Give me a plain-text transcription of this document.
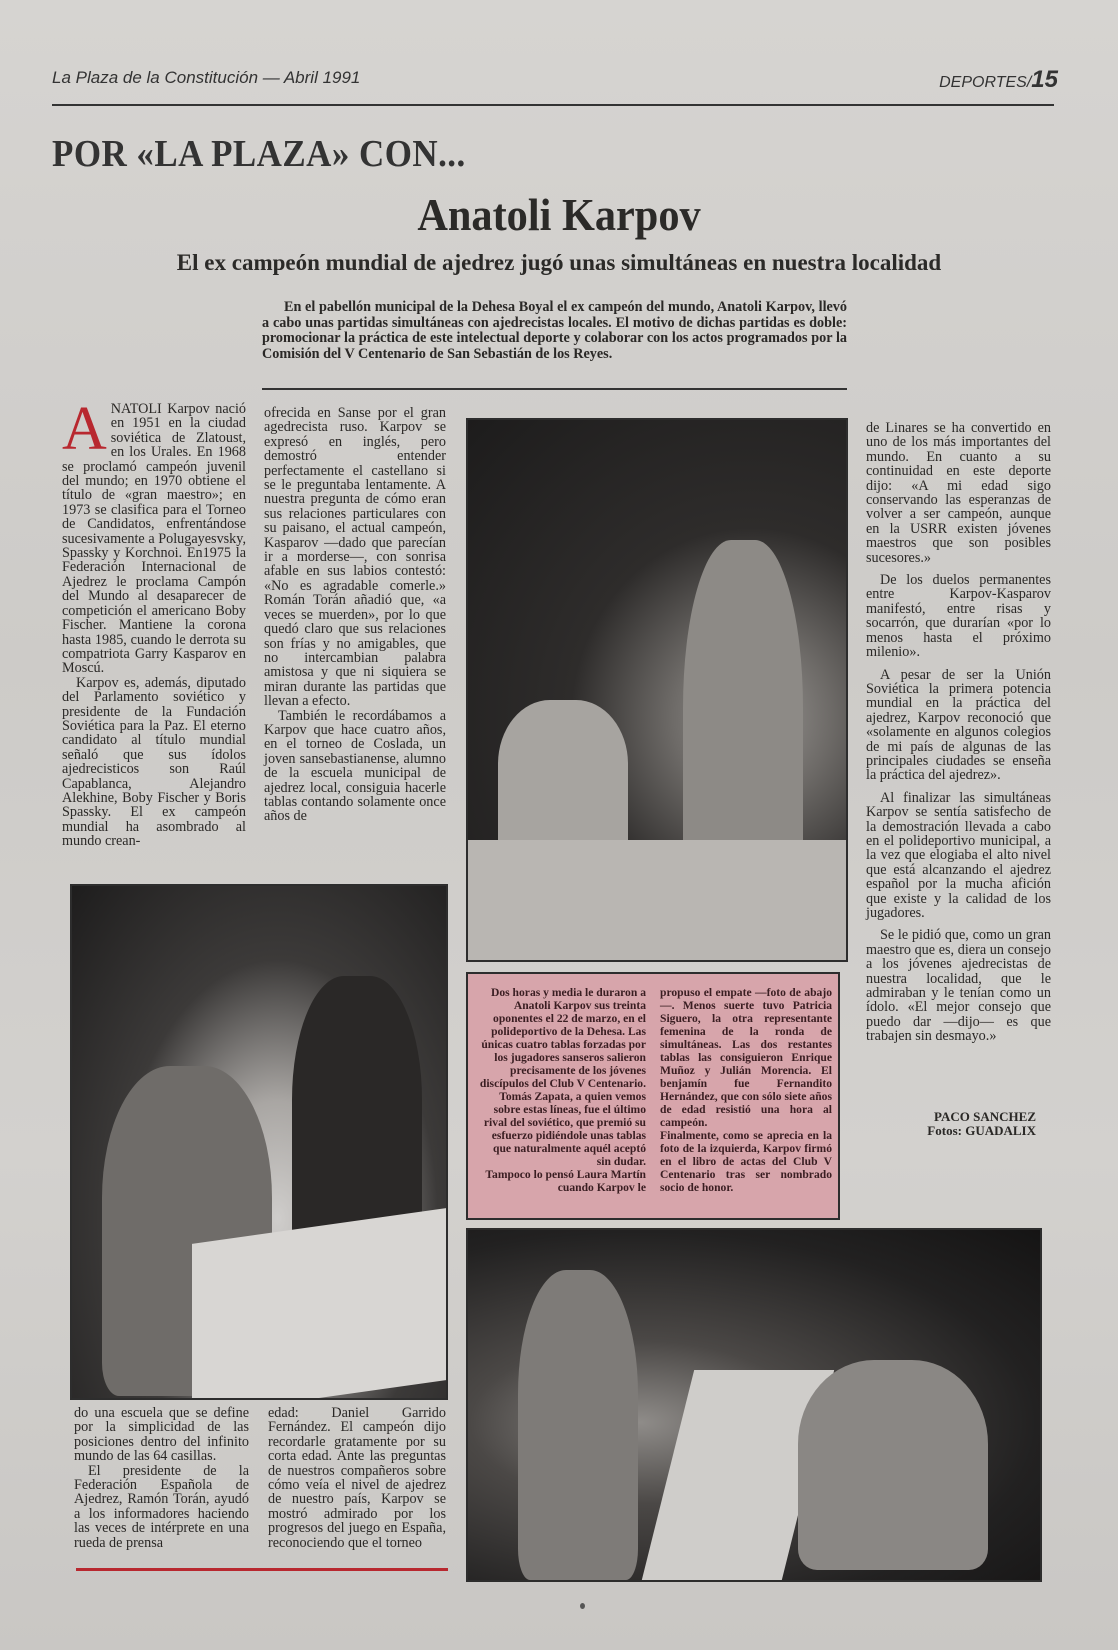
La Plaza de la Constitución — Abril 1991	DEPORTES/15
POR «LA PLAZA» CON...
Anatoli Karpov
El ex campeón mundial de ajedrez jugó unas simultáneas en nuestra localidad
En el pabellón municipal de la Dehesa Boyal el ex campeón del mundo, Anatoli Karpov, llevó a cabo unas partidas simultáneas con ajedrecistas locales. El motivo de dichas partidas es doble: promocionar la práctica de este intelectual deporte y colaborar con los actos programados por la Comisión del V Centenario de San Sebastián de los Reyes.

ANATOLI Karpov nació en 1951 en la ciudad soviética de Zlatoust, en los Urales. En 1968 se proclamó campeón juvenil del mundo; en 1970 obtiene el título de «gran maestro»; en 1973 se clasifica para el Torneo de Candidatos, enfrentándose sucesivamente a Polugayesvsky, Spassky y Korchnoi. En1975 la Federación Internacional de Ajedrez le proclama Campón del Mundo al desaparecer de competición el americano Boby Fischer. Mantiene la corona hasta 1985, cuando le derrota su compatriota Garry Kasparov en Moscú.

Karpov es, además, diputado del Parlamento soviético y presidente de la Fundación Soviética para la Paz. El eterno candidato al título mundial señaló que sus ídolos ajedrecisticos son Raúl Capablanca, Alejandro Alekhine, Boby Fischer y Boris Spassky. El ex campeón mundial ha asombrado al mundo crean-

ofrecida en Sanse por el gran agedrecista ruso. Karpov se expresó en inglés, pero demostró entender perfectamente el castellano si se le preguntaba lentamente. A nuestra pregunta de cómo eran sus relaciones particulares con su paisano, el actual campeón, Kasparov —dado que parecían ir a morderse—, con sonrisa afable en sus labios contestó: «No es agradable comerle.» Román Torán añadió que, «a veces se muerden», por lo que quedó claro que sus relaciones son frías y no amigables, que no intercambian palabra amistosa y que ni siquiera se miran durante las partidas que llevan a efecto.

También le recordábamos a Karpov que hace cuatro años, en el torneo de Coslada, un joven sansebastianense, alumno de la escuela municipal de ajedrez local, consiguia hacerle tablas contando solamente once años de

Dos horas y media le duraron a Anatoli Karpov sus treinta oponentes el 22 de marzo, en el polideportivo de la Dehesa. Las únicas cuatro tablas forzadas por los jugadores sanseros salieron precisamente de los jóvenes discípulos del Club V Centenario.

Tomás Zapata, a quien vemos sobre estas líneas, fue el último rival del soviético, que premió su esfuerzo pidiéndole unas tablas que naturalmente aquél aceptó sin dudar.

Tampoco lo pensó Laura Martín cuando Karpov le

propuso el empate —foto de abajo—. Menos suerte tuvo Patricia Siguero, la otra representante femenina de la ronda de simultáneas. Las dos restantes tablas las consiguieron Enrique Muñoz y Julián Morencia. El benjamín fue Fernandito Hernández, que con sólo siete años de edad resistió una hora al campeón.

Finalmente, como se aprecia en la foto de la izquierda, Karpov firmó en el libro de actas del Club V Centenario tras ser nombrado socio de honor.

de Linares se ha convertido en uno de los más importantes del mundo. En cuanto a su continuidad en este deporte dijo: «A mi edad sigo conservando las esperanzas de volver a ser campeón, aunque en la USRR existen jóvenes maestros que son posibles sucesores.»

De los duelos permanentes entre Karpov-Kasparov manifestó, entre risas y socarrón, que durarían «por lo menos hasta el próximo milenio».

A pesar de ser la Unión Soviética la primera potencia mundial en la práctica del ajedrez, Karpov reconoció que «solamente en algunos colegios de mi país de algunas de las principales ciudades se enseña la práctica del ajedrez».

Al finalizar las simultáneas Karpov se sentía satisfecho de la demostración llevada a cabo en el polideportivo municipal, a la vez que elogiaba el alto nivel que está alcanzando el ajedrez español por la mucha afición que existe y la calidad de los jugadores.

Se le pidió que, como un gran maestro que es, diera un consejo a los jóvenes ajedrecistas de nuestra localidad, que le admiraban y le tenían como un ídolo. «El mejor consejo que puedo dar —dijo— es que trabajen sin desmayo.»

PACO SANCHEZ
Fotos: GUADALIX

do una escuela que se define por la simplicidad de las posiciones dentro del infinito mundo de las 64 casillas.

El presidente de la Federación Española de Ajedrez, Ramón Torán, ayudó a los informadores haciendo las veces de intérprete en una rueda de prensa

edad: Daniel Garrido Fernández. El campeón dijo recordarle gratamente por su corta edad. Ante las preguntas de nuestros compañeros sobre cómo veía el nivel de ajedrez de nuestro país, Karpov se mostró admirado por los progresos del juego en España, reconociendo que el torneo
